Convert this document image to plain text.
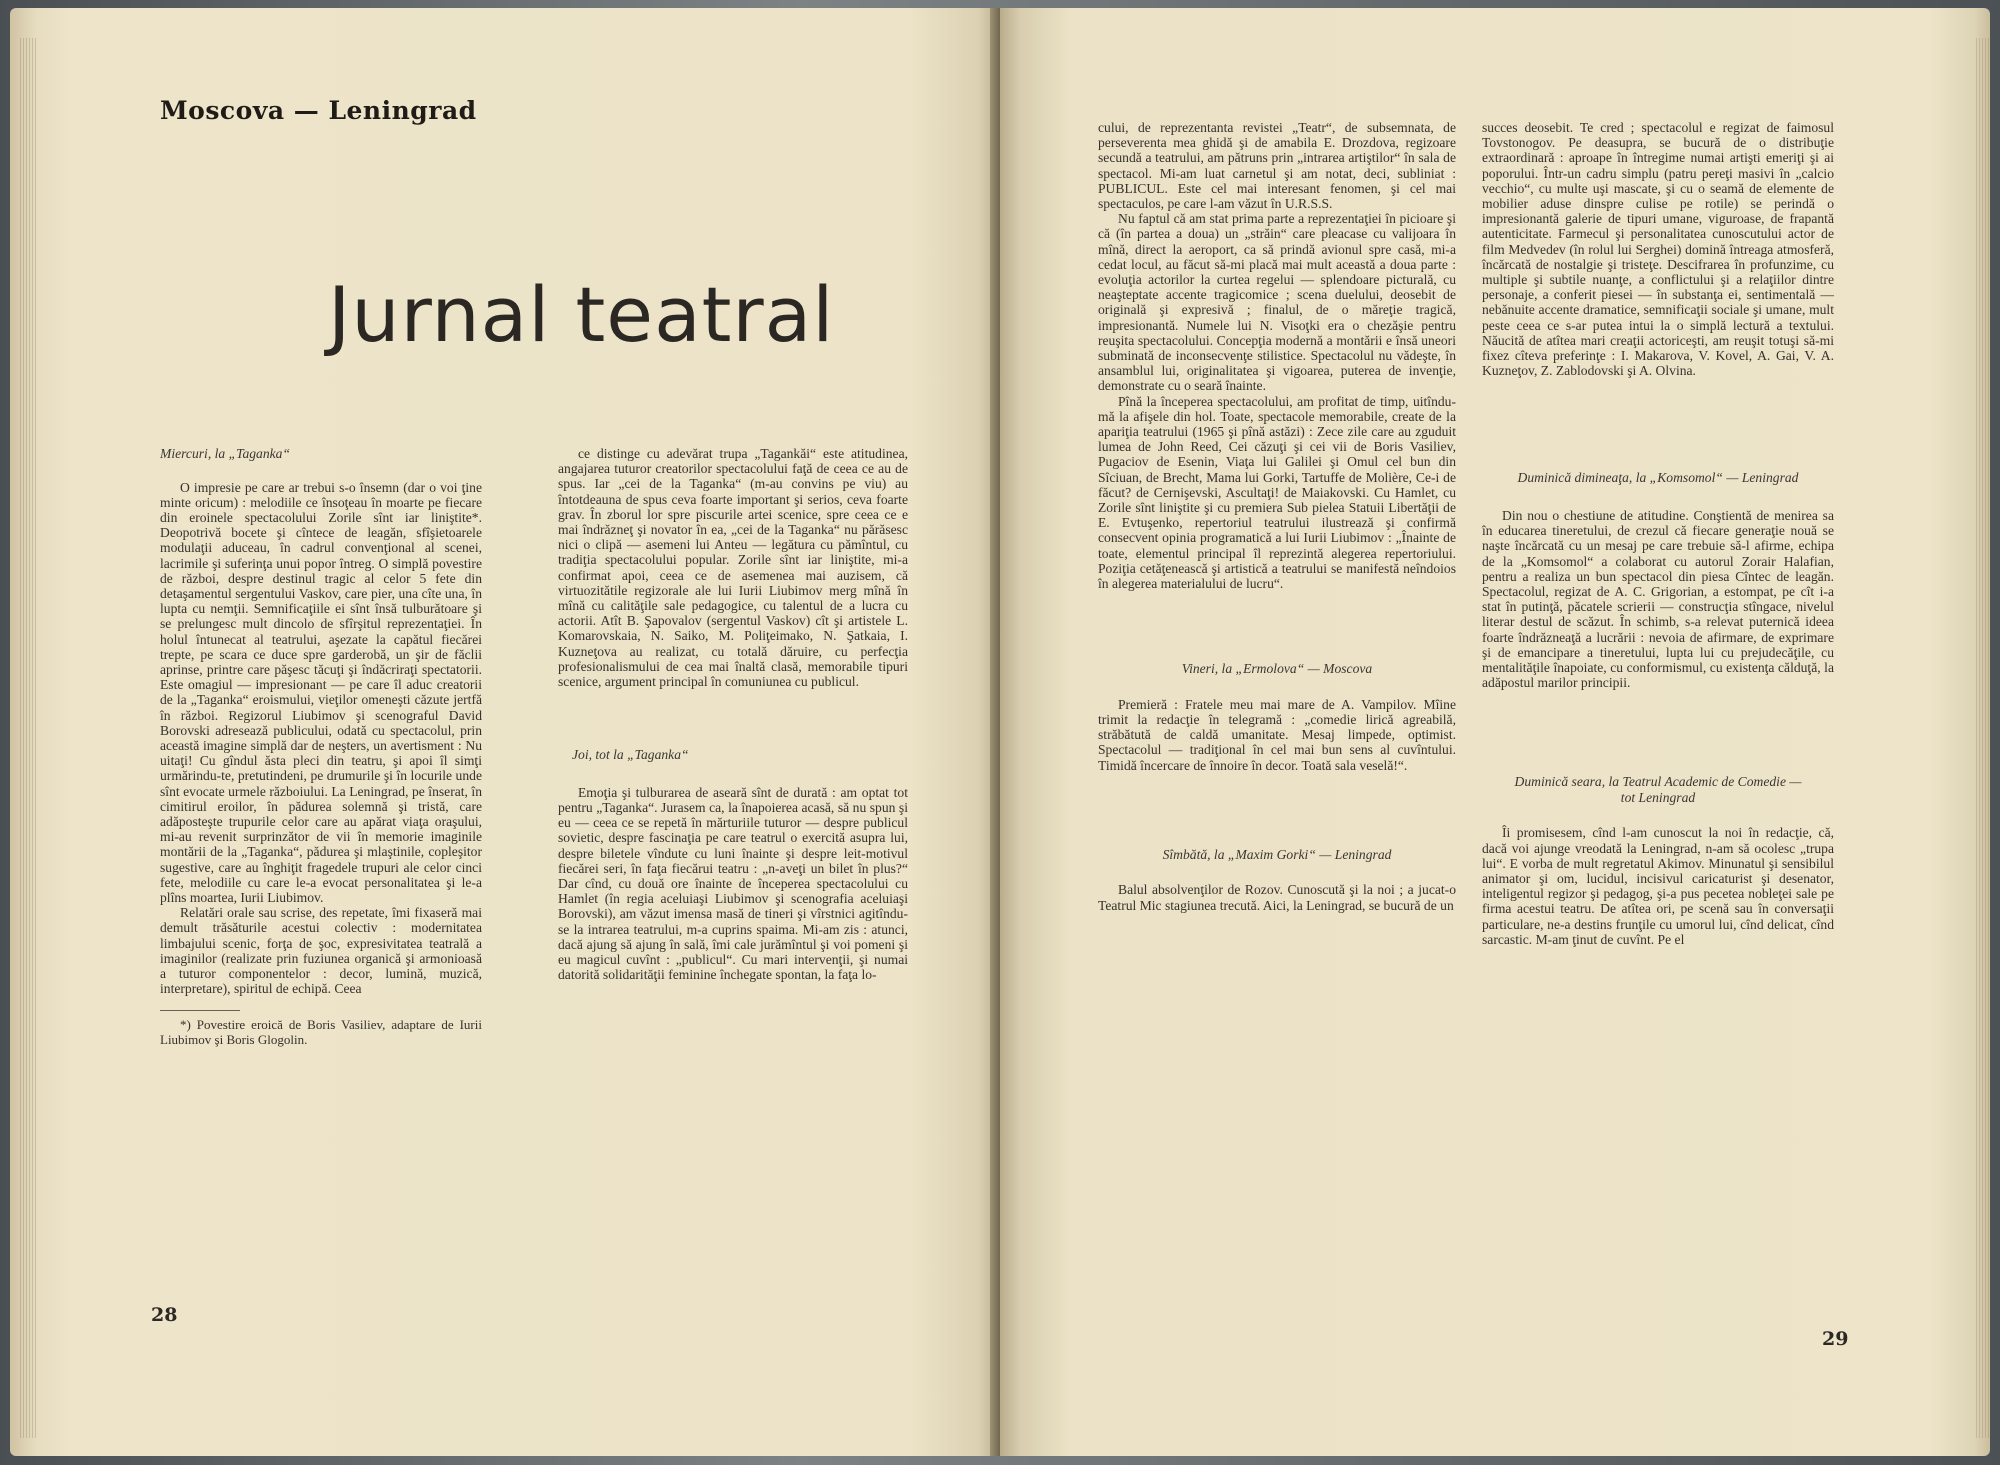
Moscova — Leningrad
Jurnal teatral

Miercuri, la „Taganka“

O impresie pe care ar trebui s-o însemn (dar o voi ţine minte oricum) : melodiile ce însoţeau în moarte pe fiecare din eroinele spectacolului Zorile sînt iar liniştite*. Deopotrivă bocete şi cîntece de leagăn, sfîşietoarele modulaţii aduceau, în cadrul convenţional al scenei, lacrimile şi suferinţa unui popor întreg. O simplă povestire de război, despre destinul tragic al celor 5 fete din detaşamentul sergentului Vaskov, care pier, una cîte una, în lupta cu nemţii. Semnificaţiile ei sînt însă tulburătoare şi se prelungesc mult dincolo de sfîrşitul reprezentaţiei. În holul întunecat al teatrului, aşezate la capătul fiecărei trepte, pe scara ce duce spre garderobă, un şir de făclii aprinse, printre care păşesc tăcuţi şi îndăcriraţi spectatorii. Este omagiul — impresionant — pe care îl aduc creatorii de la „Taganka“ eroismului, vieţilor omeneşti căzute jertfă în război. Regizorul Liubimov şi scenograful David Borovski adresează publicului, odată cu spectacolul, prin această imagine simplă dar de neşters, un avertisment : Nu uitaţi! Cu gîndul ăsta pleci din teatru, şi apoi îl simţi urmărindu-te, pretutindeni, pe drumurile şi în locurile unde sînt evocate urmele războiului. La Leningrad, pe înserat, în cimitirul eroilor, în pădurea solemnă şi tristă, care adăposteşte trupurile celor care au apărat viaţa oraşului, mi-au revenit surprinzător de vii în memorie imaginile montării de la „Taganka“, pădurea şi mlaştinile, copleşitor sugestive, care au înghiţit fragedele trupuri ale celor cinci fete, melodiile cu care le-a evocat personalitatea şi le-a plîns moartea, Iurii Liubimov.

Relatări orale sau scrise, des repetate, îmi fixaseră mai demult trăsăturile acestui colectiv : modernitatea limbajului scenic, forţa de şoc, expresivitatea teatrală a imaginilor (realizate prin fuziunea organică şi armonioasă a tuturor componentelor : decor, lumină, muzică, interpretare), spiritul de echipă. Ceea

*) Povestire eroică de Boris Vasiliev, adaptare de Iurii Liubimov şi Boris Glogolin.

ce distinge cu adevărat trupa „Tagankăi“ este atitudinea, angajarea tuturor creatorilor spectacolului faţă de ceea ce au de spus. Iar „cei de la Taganka“ (m-au convins pe viu) au întotdeauna de spus ceva foarte important şi serios, ceva foarte grav. În zborul lor spre piscurile artei scenice, spre ceea ce e mai îndrăzneţ şi novator în ea, „cei de la Taganka“ nu părăsesc nici o clipă — asemeni lui Anteu — legătura cu pămîntul, cu tradiţia spectacolului popular. Zorile sînt iar liniştite, mi-a confirmat apoi, ceea ce de asemenea mai auzisem, că virtuozitătile regizorale ale lui Iurii Liubimov merg mînă în mînă cu calităţile sale pedagogice, cu talentul de a lucra cu actorii. Atît B. Şapovalov (sergentul Vaskov) cît şi artistele L. Komarovskaia, N. Saiko, M. Poliţeimako, N. Şatkaia, I. Kuzneţova au realizat, cu totală dăruire, cu perfecţia profesionalismului de cea mai înaltă clasă, memorabile tipuri scenice, argument principal în comuniunea cu publicul.

Joi, tot la „Taganka“

Emoţia şi tulburarea de aseară sînt de durată : am optat tot pentru „Taganka“. Jurasem ca, la înapoierea acasă, să nu spun şi eu — ceea ce se repetă în mărturiile tuturor — despre publicul sovietic, despre fascinaţia pe care teatrul o exercită asupra lui, despre biletele vîndute cu luni înainte şi despre leit-motivul fiecărei seri, în faţa fiecărui teatru : „n-aveţi un bilet în plus?“ Dar cînd, cu două ore înainte de începerea spectacolului cu Hamlet (în regia aceluiaşi Liubimov şi scenografia aceluiaşi Borovski), am văzut imensa masă de tineri şi vîrstnici agitîndu-se la intrarea teatrului, m-a cuprins spaima. Mi-am zis : atunci, dacă ajung să ajung în sală, îmi cale jurămîntul şi voi pomeni şi eu magicul cuvînt : „publicul“. Cu mari intervenţii, şi numai datorită solidarităţii feminine închegate spontan, la faţa lo-

28

cului, de reprezentanta revistei „Teatr“, de subsemnata, de perseverenta mea ghidă şi de amabila E. Drozdova, regizoare secundă a teatrului, am pătruns prin „intrarea artiştilor“ în sala de spectacol. Mi-am luat carnetul şi am notat, deci, subliniat : PUBLICUL. Este cel mai interesant fenomen, şi cel mai spectaculos, pe care l-am văzut în U.R.S.S.

Nu faptul că am stat prima parte a reprezentaţiei în picioare şi că (în partea a doua) un „străin“ care pleacase cu valijoara în mînă, direct la aeroport, ca să prindă avionul spre casă, mi-a cedat locul, au făcut să-mi placă mai mult această a doua parte : evoluţia actorilor la curtea regelui — splendoare picturală, cu neaşteptate accente tragicomice ; scena duelului, deosebit de originală şi expresivă ; finalul, de o măreţie tragică, impresionantă. Numele lui N. Visoţki era o chezăşie pentru reuşita spectacolului. Concepţia modernă a montării e însă uneori subminată de inconsecvenţe stilistice. Spectacolul nu vădeşte, în ansamblul lui, originalitatea şi vigoarea, puterea de invenţie, demonstrate cu o seară înainte.

Pînă la începerea spectacolului, am profitat de timp, uitîndu-mă la afişele din hol. Toate, spectacole memorabile, create de la apariţia teatrului (1965 şi pînă astăzi) : Zece zile care au zguduit lumea de John Reed, Cei căzuţi şi cei vii de Boris Vasiliev, Pugaciov de Esenin, Viaţa lui Galilei şi Omul cel bun din Sîciuan, de Brecht, Mama lui Gorki, Tartuffe de Molière, Ce-i de făcut? de Cernişevski, Ascultaţi! de Maiakovski. Cu Hamlet, cu Zorile sînt liniştite şi cu premiera Sub pielea Statuii Libertăţii de E. Evtuşenko, repertoriul teatrului ilustrează şi confirmă consecvent opinia programatică a lui Iurii Liubimov : „Înainte de toate, elementul principal îl reprezintă alegerea repertoriului. Poziţia cetăţenească şi artistică a teatrului se manifestă neîndoios în alegerea materialului de lucru“.

Vineri, la „Ermolova“ — Moscova

Premieră : Fratele meu mai mare de A. Vampilov. Mîine trimit la redacţie în telegramă : „comedie lirică agreabilă, străbătută de caldă umanitate. Mesaj limpede, optimist. Spectacolul — tradiţional în cel mai bun sens al cuvîntului. Timidă încercare de înnoire în decor. Toată sala veselă!“.

Sîmbătă, la „Maxim Gorki“ — Leningrad

Balul absolvenţilor de Rozov. Cunoscută şi la noi ; a jucat-o Teatrul Mic stagiunea trecută. Aici, la Leningrad, se bucură de un

succes deosebit. Te cred ; spectacolul e regizat de faimosul Tovstonogov. Pe deasupra, se bucură de o distribuţie extraordinară : aproape în întregime numai artişti emeriţi şi ai poporului. Într-un cadru simplu (patru pereţi masivi în „calcio vecchio“, cu multe uşi mascate, şi cu o seamă de elemente de mobilier aduse dinspre culise pe rotile) se perindă o impresionantă galerie de tipuri umane, viguroase, de frapantă autenticitate. Farmecul şi personalitatea cunoscutului actor de film Medvedev (în rolul lui Serghei) domină întreaga atmosferă, încărcată de nostalgie şi tristeţe. Descifrarea în profunzime, cu multiple şi subtile nuanţe, a conflictului şi a relaţiilor dintre personaje, a conferit piesei — în substanţa ei, sentimentală — nebănuite accente dramatice, semnificaţii sociale şi umane, mult peste ceea ce s-ar putea intui la o simplă lectură a textului. Năucită de atîtea mari creaţii actoriceşti, am reuşit totuşi să-mi fixez cîteva preferinţe : I. Makarova, V. Kovel, A. Gai, V. A. Kuzneţov, Z. Zablodovski şi A. Olvina.

Duminică dimineaţa, la „Komsomol“ — Leningrad

Din nou o chestiune de atitudine. Conştientă de menirea sa în educarea tineretului, de crezul că fiecare generaţie nouă se naşte încărcată cu un mesaj pe care trebuie să-l afirme, echipa de la „Komsomol“ a colaborat cu autorul Zorair Halafian, pentru a realiza un bun spectacol din piesa Cîntec de leagăn. Spectacolul, regizat de A. C. Grigorian, a estompat, pe cît i-a stat în putinţă, păcatele scrierii — construcţia stîngace, nivelul literar destul de scăzut. În schimb, s-a relevat puternică ideea foarte îndrăzneaţă a lucrării : nevoia de afirmare, de exprimare şi de emancipare a tineretului, lupta lui cu prejudecăţile, cu mentalităţile înapoiate, cu conformismul, cu existenţa călduţă, la adăpostul marilor principii.

Duminică seara, la Teatrul Academic de Comedie — tot Leningrad

Îi promisesem, cînd l-am cunoscut la noi în redacţie, că, dacă voi ajunge vreodată la Leningrad, n-am să ocolesc „trupa lui“. E vorba de mult regretatul Akimov. Minunatul şi sensibilul animator şi om, lucidul, incisivul caricaturist şi desenator, inteligentul regizor şi pedagog, şi-a pus pecetea nobleţei sale pe firma acestui teatru. De atîtea ori, pe scenă sau în conversaţii particulare, ne-a destins frunţile cu umorul lui, cînd delicat, cînd sarcastic. M-am ţinut de cuvînt. Pe el

29
